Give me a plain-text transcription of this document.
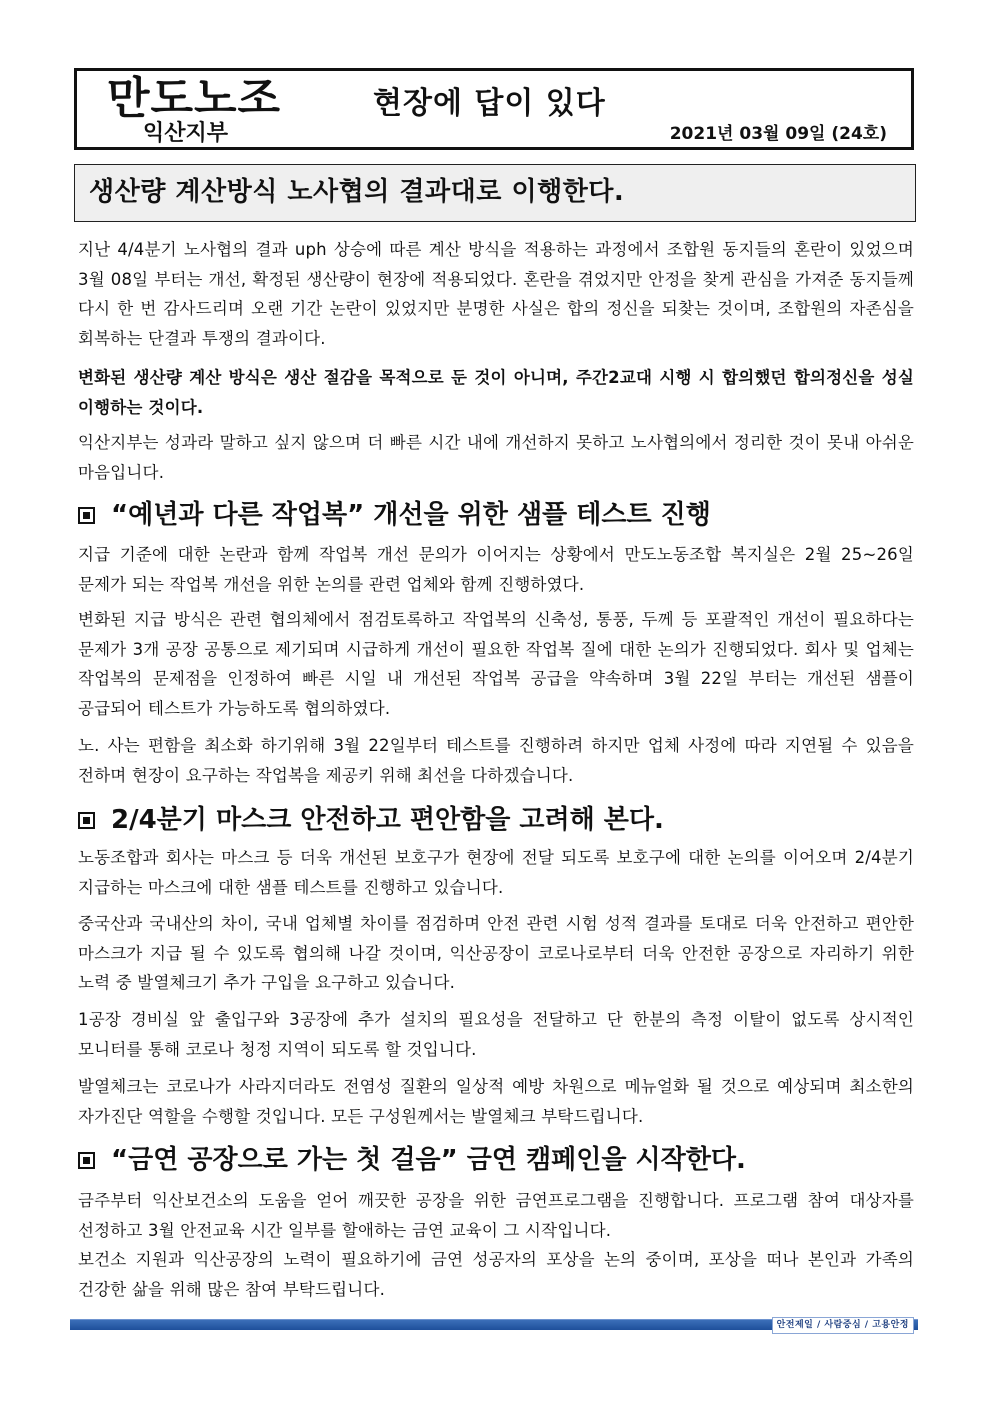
만도노조
익산지부
현장에 답이 있다
2021년 03월 09일 (24호)
생산량 계산방식 노사협의 결과대로 이행한다.
지난 4/4분기 노사협의 결과 uph 상승에 따른 계산 방식을 적용하는 과정에서 조합원 동지들의 혼란이 있었으며 3월 08일 부터는 개선, 확정된 생산량이 현장에 적용되었다. 혼란을 겪었지만 안정을 찾게 관심을 가져준 동지들께 다시 한 번 감사드리며 오랜 기간 논란이 있었지만 분명한 사실은 합의 정신을 되찾는 것이며, 조합원의 자존심을 회복하는 단결과 투쟁의 결과이다.
변화된 생산량 계산 방식은 생산 절감을 목적으로 둔 것이 아니며, 주간2교대 시행 시 합의했던 합의정신을 성실 이행하는 것이다.
익산지부는 성과라 말하고 싶지 않으며 더 빠른 시간 내에 개선하지 못하고 노사협의에서 정리한 것이 못내 아쉬운 마음입니다.
“예년과 다른 작업복” 개선을 위한 샘플 테스트 진행
지급 기준에 대한 논란과 함께 작업복 개선 문의가 이어지는 상황에서 만도노동조합 복지실은 2월 25~26일 문제가 되는 작업복 개선을 위한 논의를 관련 업체와 함께 진행하였다.
변화된 지급 방식은 관련 협의체에서 점검토록하고 작업복의 신축성, 통풍, 두께 등 포괄적인 개선이 필요하다는 문제가 3개 공장 공통으로 제기되며 시급하게 개선이 필요한 작업복 질에 대한 논의가 진행되었다. 회사 및 업체는 작업복의 문제점을 인정하여 빠른 시일 내 개선된 작업복 공급을 약속하며 3월 22일 부터는 개선된 샘플이 공급되어 테스트가 가능하도록 협의하였다.
노. 사는 편함을 최소화 하기위해 3월 22일부터 테스트를 진행하려 하지만 업체 사정에 따라 지연될 수 있음을 전하며 현장이 요구하는 작업복을 제공키 위해 최선을 다하겠습니다.
2/4분기 마스크 안전하고 편안함을 고려해 본다.
노동조합과 회사는 마스크 등 더욱 개선된 보호구가 현장에 전달 되도록 보호구에 대한 논의를 이어오며 2/4분기 지급하는 마스크에 대한 샘플 테스트를 진행하고 있습니다.
중국산과 국내산의 차이, 국내 업체별 차이를 점검하며 안전 관련 시험 성적 결과를 토대로 더욱 안전하고 편안한 마스크가 지급 될 수 있도록 협의해 나갈 것이며, 익산공장이 코로나로부터 더욱 안전한 공장으로 자리하기 위한 노력 중 발열체크기 추가 구입을 요구하고 있습니다.
1공장 경비실 앞 출입구와 3공장에 추가 설치의 필요성을 전달하고 단 한분의 측정 이탈이 없도록 상시적인 모니터를 통해 코로나 청정 지역이 되도록 할 것입니다.
발열체크는 코로나가 사라지더라도 전염성 질환의 일상적 예방 차원으로 메뉴얼화 될 것으로 예상되며 최소한의 자가진단 역할을 수행할 것입니다. 모든 구성원께서는 발열체크 부탁드립니다.
“금연 공장으로 가는 첫 걸음” 금연 캠페인을 시작한다.
금주부터 익산보건소의 도움을 얻어 깨끗한 공장을 위한 금연프로그램을 진행합니다. 프로그램 참여 대상자를 선정하고 3월 안전교육 시간 일부를 할애하는 금연 교육이 그 시작입니다.
보건소 지원과 익산공장의 노력이 필요하기에 금연 성공자의 포상을 논의 중이며, 포상을 떠나 본인과 가족의 건강한 삶을 위해 많은 참여 부탁드립니다.
안전제일 / 사람중심 / 고용안정
